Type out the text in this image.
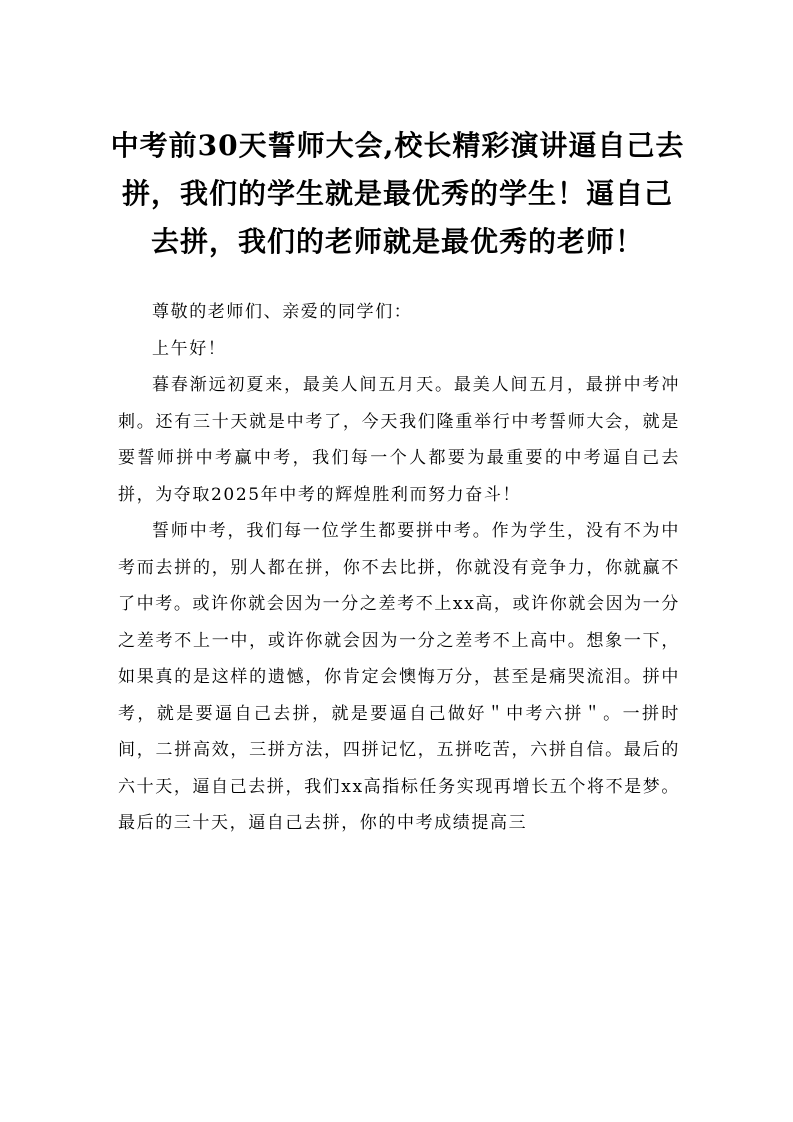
中考前30天誓师大会,校长精彩演讲逼自己去拼，我们的学生就是最优秀的学生！逼自己去拼，我们的老师就是最优秀的老师！

尊敬的老师们、亲爱的同学们：

上午好！

暮春渐远初夏来，最美人间五月天。最美人间五月，最拼中考冲刺。还有三十天就是中考了，今天我们隆重举行中考誓师大会，就是要誓师拼中考赢中考，我们每一个人都要为最重要的中考逼自己去拼，为夺取2025年中考的辉煌胜利而努力奋斗！

誓师中考，我们每一位学生都要拼中考。作为学生，没有不为中考而去拼的，别人都在拼，你不去比拼，你就没有竞争力，你就赢不了中考。或许你就会因为一分之差考不上xx高，或许你就会因为一分之差考不上一中，或许你就会因为一分之差考不上高中。想象一下，如果真的是这样的遗憾，你肯定会懊悔万分，甚至是痛哭流泪。拼中考，就是要逼自己去拼，就是要逼自己做好＂中考六拼＂。一拼时间，二拼高效，三拼方法，四拼记忆，五拼吃苦，六拼自信。最后的六十天，逼自己去拼，我们xx高指标任务实现再增长五个将不是梦。最后的三十天，逼自己去拼，你的中考成绩提高三
